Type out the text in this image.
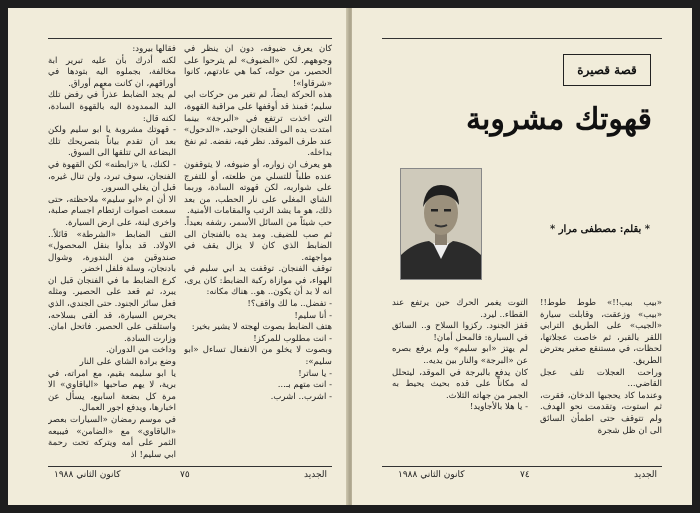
كان يعرف ضيوفه، دون ان ينظر في وجوههم. لكن «الضيوف» لم يترحوا على الحصير، من حوله، كما هي عادتهم، كانوا «شرقاوا»!
هذه الحركة ايضاً، لم تغير من حركات ابي سليم؛ فمنذ قد أوقفها على مراقبة القهوة، التي اخذت ترتفع في «البرجة» بينما امتدت يده الى الفنجان الوحيد، «الدحول» عند طرف الموقد. نظر فيه، نفضه. ثم نفخ بداخله.
هو يعرف ان زواره، أو ضيوفه، لا يتوقفون عنده طلباً للتسلي من طلعته، أو للتفرج على شواربه، لكن قهوته السادة، وربما الشاي المغلي على نار الحطب، من بعد ذلك، هو ما يشد الرتب والمقامات الأمنية.
حب شيئاً من السائل الأسمر، رشفه بعيداً. ثم صب للضيف. ومد يده بالفنجان الى الضابط الذي كان لا يزال يقف في مواجهته.
توقف الفنجان. توقفت يد ابي سليم في الهواء، في موازاة ركبة الضابط: كان يرى، انه لا بد أن يكون.. هو.. هناك مكانه:
- تفضل.. ما لك واقف؟!
- أنا سليم!
هتف الضابط بصوت لهجته لا يشير بخير:
- انت مطلوب للمركز!
وبصوت لا يخلو من الانفعال تساءل «ابو سليم»:
- يا ساتر!
- انت متهم بـ...
- اشرب.. اشرب.
فقالها بيرود:
لكنه أدرك بأن عليه تبرير ابة مخالفة، بجملوه اليه بتودها في أوراقهم، ان كانت معهم أوراق.
لم يجد الضابط عذراً في رفض تلك اليد الممدودة اليه بالقهوة السادة، لكنه قال:
- قهوتك مشروبة يا ابو سليم ولكن بعد ان تقدم بياناً بتصريحك تلك البضاعة الي تتلقها الى السوق.
- لكنك، يا «زابطنه» لكن القهوة في الفنجان، سوف تبرد، ولن تنال غيره، قبل أن يغلي السرور.
الا أن ام «ابو سليم» ملاحظته، حتى سمعت اصوات ارتطام اجسام صلبة، واخرى لينة، على ارض السيارة.
التف الضابط «الشرطة» قائلاً.. الاولاد. قد بدأوا بنقل المحصول» صندوقين من البندورة، وشوال بادنجان، وسلة فلفل اخضر.
كرع الضابط ما في الفنجان قبل ان يبرد، ثم قعد على الحصير. ومثله فعل سائر الجنود. حتى الجندي، الذي يحرس السيارة، قد ألقى بسلاحه، واستلقى على الحصير. فاتحل امان. وزارت السادة.
وداخت من الدوران.
وضع برادة الشاي على النار
يا ابو سليمه بقيم، مع امراته، في برية، لا يهم صاحبها «الياقاوي» الا مرة كل بضعة اسابيع، يسأل عن اخبارها، ويدفع اجور العمال.
في موسم رمضان «السيارات بعصر «الياقاوي» مع «الضامن» فيبيعه الثمر على أمه ويتركه تحت رحمة ابي سليم! اذ
كانون الثاني ١٩٨٨	٧٥	الجديد
قصة قصيرة
قهوتك مشروبة
* بقلم: مصطفى مرار *
«بيب بيب!!» طوط طوط!! «بيب» وزعقت، وقابلت سيارة «الجيب» على الطريق الترابي اللقر بالقبر، ثم خاصت عجلاتها، لحظات، في مستنقع صغير يعترض الطريق.
وراحت العجلات تلف عجل القاضي...
وعندما كاد يحجبها الدخان، فقرت، ثم استوت، وتقدمت نحو الهدف. ولم تتوقف حتى اطمأن السائق الى ان ظل شجرة
التوت يغمر الحرك حين يرتفع عند القطاء.. ليرد.
قفز الجنود. ركزوا السلاح و.. السائق في السيارة: فالمحل أمان!
لم يهتز «ابو سليم» ولم يرفع بصره عن «البرجة» والنار بين يديه..
كان يدفع بالبرجة في الموقد، ليتحلل له مكاناً على قده بحيث يحيط به الجمر من جهاته الثلاث.
- يا هلا بالأجاويد!
كانون الثاني ١٩٨٨	٧٤	الجديد
